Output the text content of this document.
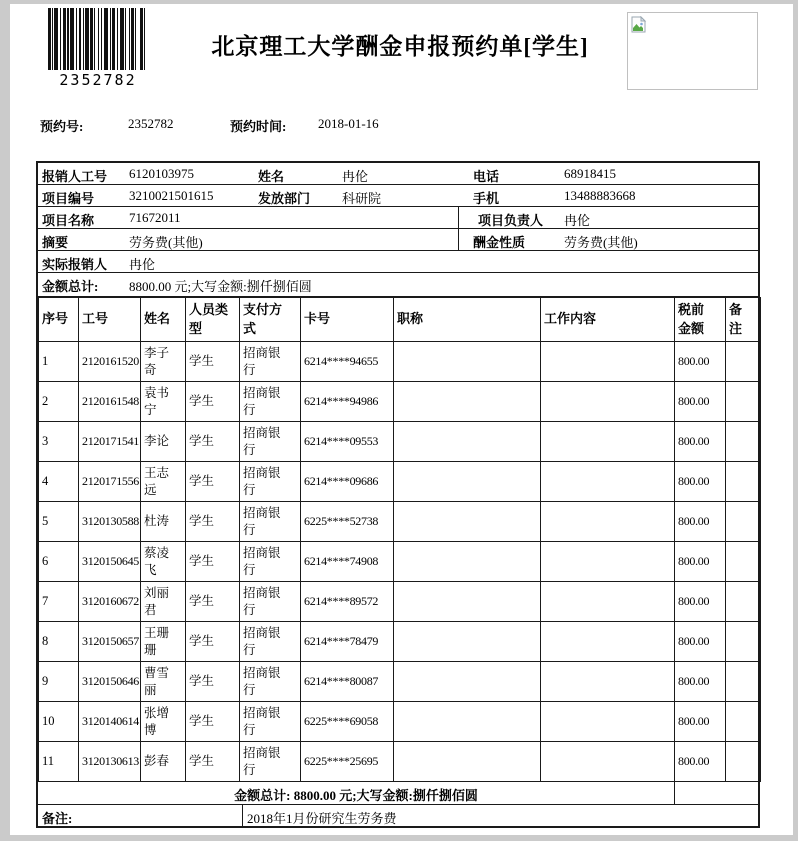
2352782
北京理工大学酬金申报预约单[学生]
预约号:	2352782	预约时间: 2018-01-16
报销人工号 6120103975	姓名	冉伦	电话	68918415
项目编号	3210021501615	发放部门 科研院	手机	13488883668
项目名称	71672011	项目负责人 冉伦
摘要	劳务费(其他)	酬金性质	劳务费(其他)
实际报销人 冉伦
金额总计: 8800.00 元;大写金额:捌仟捌佰圆
序号	工号	姓名	人员类型	支付方式	卡号	职称	工作内容	税前金额	备注
1	2120161520	李子奇	学生	招商银行	6214****94655			800.00	
2	2120161548	袁书宁	学生	招商银行	6214****94986			800.00	
3	2120171541	李论	学生	招商银行	6214****09553			800.00	
4	2120171556	王志远	学生	招商银行	6214****09686			800.00	
5	3120130588	杜涛	学生	招商银行	6225****52738			800.00	
6	3120150645	蔡凌飞	学生	招商银行	6214****74908			800.00	
7	3120160672	刘丽君	学生	招商银行	6214****89572			800.00	
8	3120150657	王珊珊	学生	招商银行	6214****78479			800.00	
9	3120150646	曹雪丽	学生	招商银行	6214****80087			800.00	
10	3120140614	张增博	学生	招商银行	6225****69058			800.00	
11	3120130613	彭春	学生	招商银行	6225****25695			800.00	
金额总计: 8800.00 元;大写金额:捌仟捌佰圆
备注:	2018年1月份研究生劳务费
